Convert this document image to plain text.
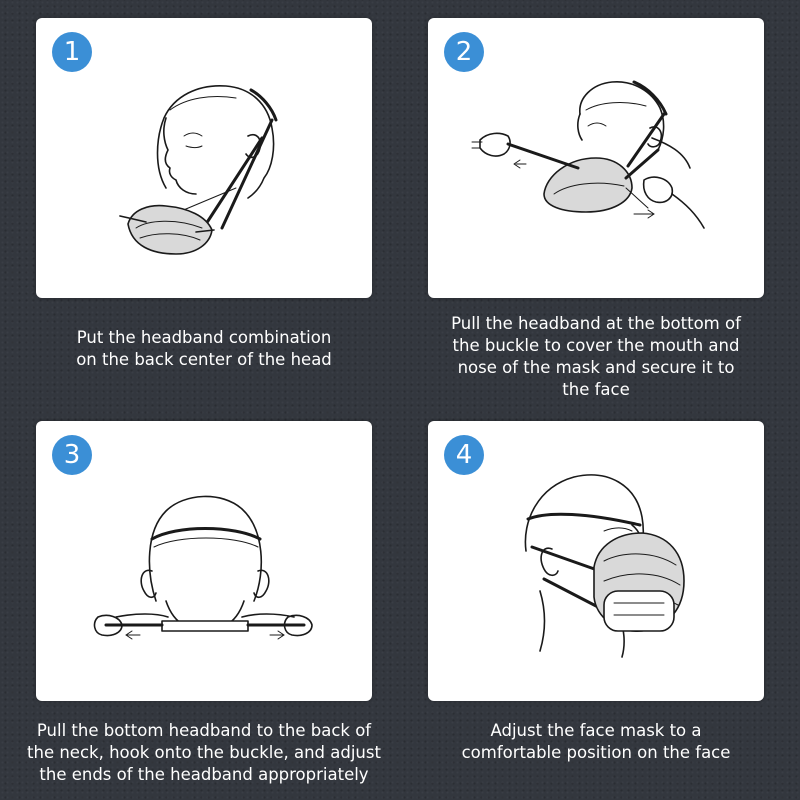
1
Put the headband combination
on the back center of the head
2
Pull the headband at the bottom of
the buckle to cover the mouth and
nose of the mask and secure it to
the face
3
Pull the bottom headband to the back of
the neck, hook onto the buckle, and adjust
the ends of the headband appropriately
4
Adjust the face mask to a
comfortable position on the face
